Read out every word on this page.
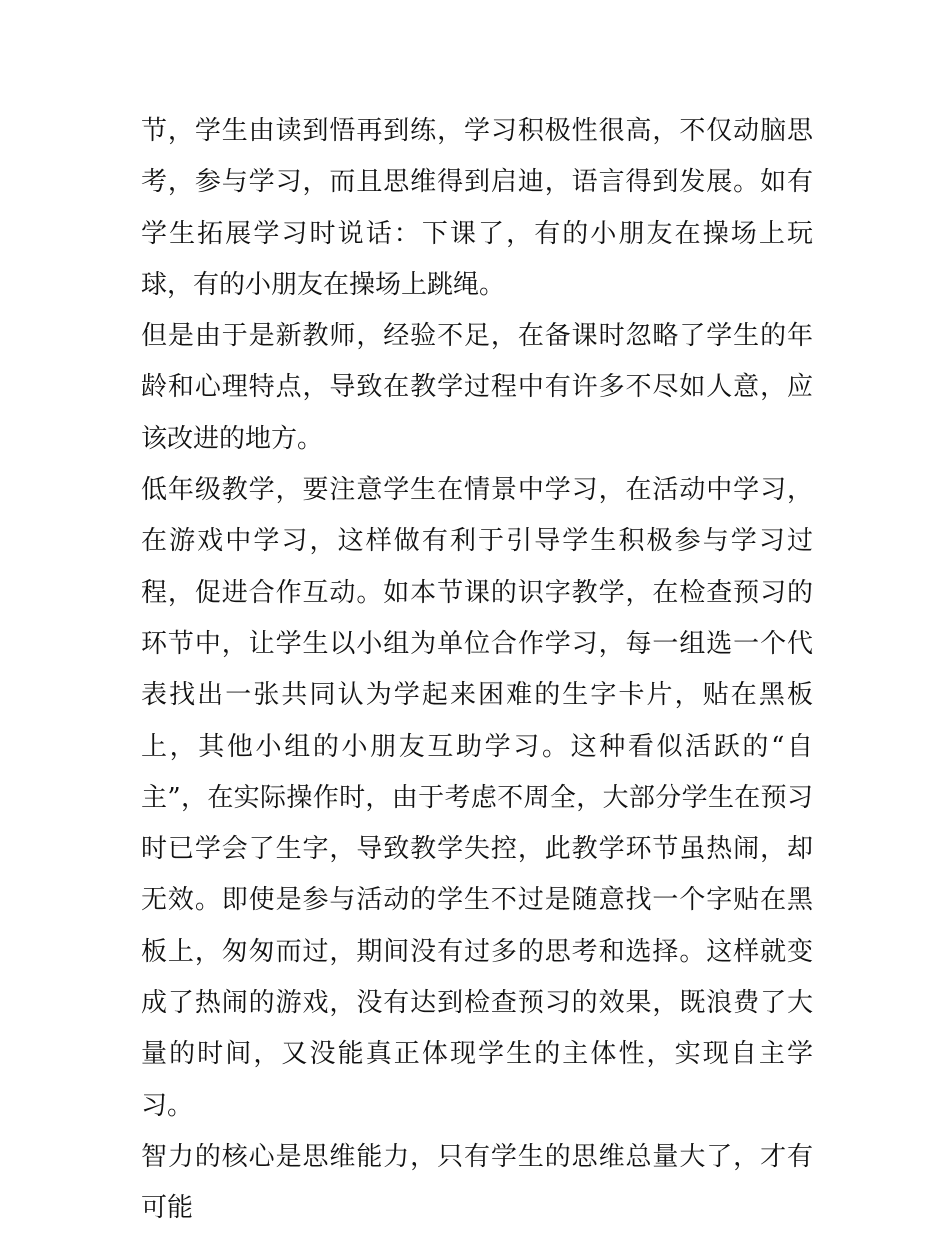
节，学生由读到悟再到练，学习积极性很高，不仅动脑思考，参与学习，而且思维得到启迪，语言得到发展。如有学生拓展学习时说话：下课了，有的小朋友在操场上玩球，有的小朋友在操场上跳绳。

但是由于是新教师，经验不足，在备课时忽略了学生的年龄和心理特点，导致在教学过程中有许多不尽如人意，应该改进的地方。

低年级教学，要注意学生在情景中学习，在活动中学习，在游戏中学习，这样做有利于引导学生积极参与学习过程，促进合作互动。如本节课的识字教学，在检查预习的环节中，让学生以小组为单位合作学习，每一组选一个代表找出一张共同认为学起来困难的生字卡片，贴在黑板上，其他小组的小朋友互助学习。这种看似活跃的“自主”，在实际操作时，由于考虑不周全，大部分学生在预习时已学会了生字，导致教学失控，此教学环节虽热闹，却无效。即使是参与活动的学生不过是随意找一个字贴在黑板上，匆匆而过，期间没有过多的思考和选择。这样就变成了热闹的游戏，没有达到检查预习的效果，既浪费了大量的时间，又没能真正体现学生的主体性，实现自主学习。

智力的核心是思维能力，只有学生的思维总量大了，才有可能
